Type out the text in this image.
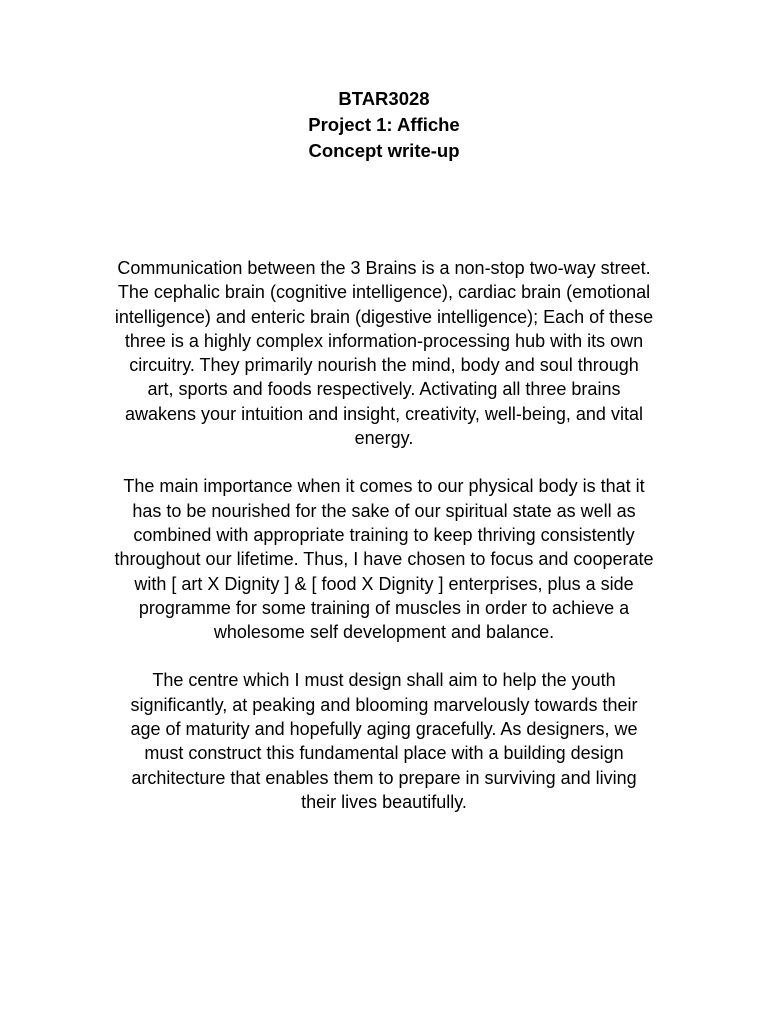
BTAR3028
Project 1: Affiche
Concept write-up
Communication between the 3 Brains is a non-stop two-way street.
The cephalic brain (cognitive intelligence), cardiac brain (emotional
intelligence) and enteric brain (digestive intelligence); Each of these
three is a highly complex information-processing hub with its own
circuitry. They primarily nourish the mind, body and soul through
art, sports and foods respectively. Activating all three brains
awakens your intuition and insight, creativity, well-being, and vital
energy.
The main importance when it comes to our physical body is that it
has to be nourished for the sake of our spiritual state as well as
combined with appropriate training to keep thriving consistently
throughout our lifetime. Thus, I have chosen to focus and cooperate
with [ art X Dignity ] & [ food X Dignity ] enterprises, plus a side
programme for some training of muscles in order to achieve a
wholesome self development and balance.
The centre which I must design shall aim to help the youth
significantly, at peaking and blooming marvelously towards their
age of maturity and hopefully aging gracefully. As designers, we
must construct this fundamental place with a building design
architecture that enables them to prepare in surviving and living
their lives beautifully.
